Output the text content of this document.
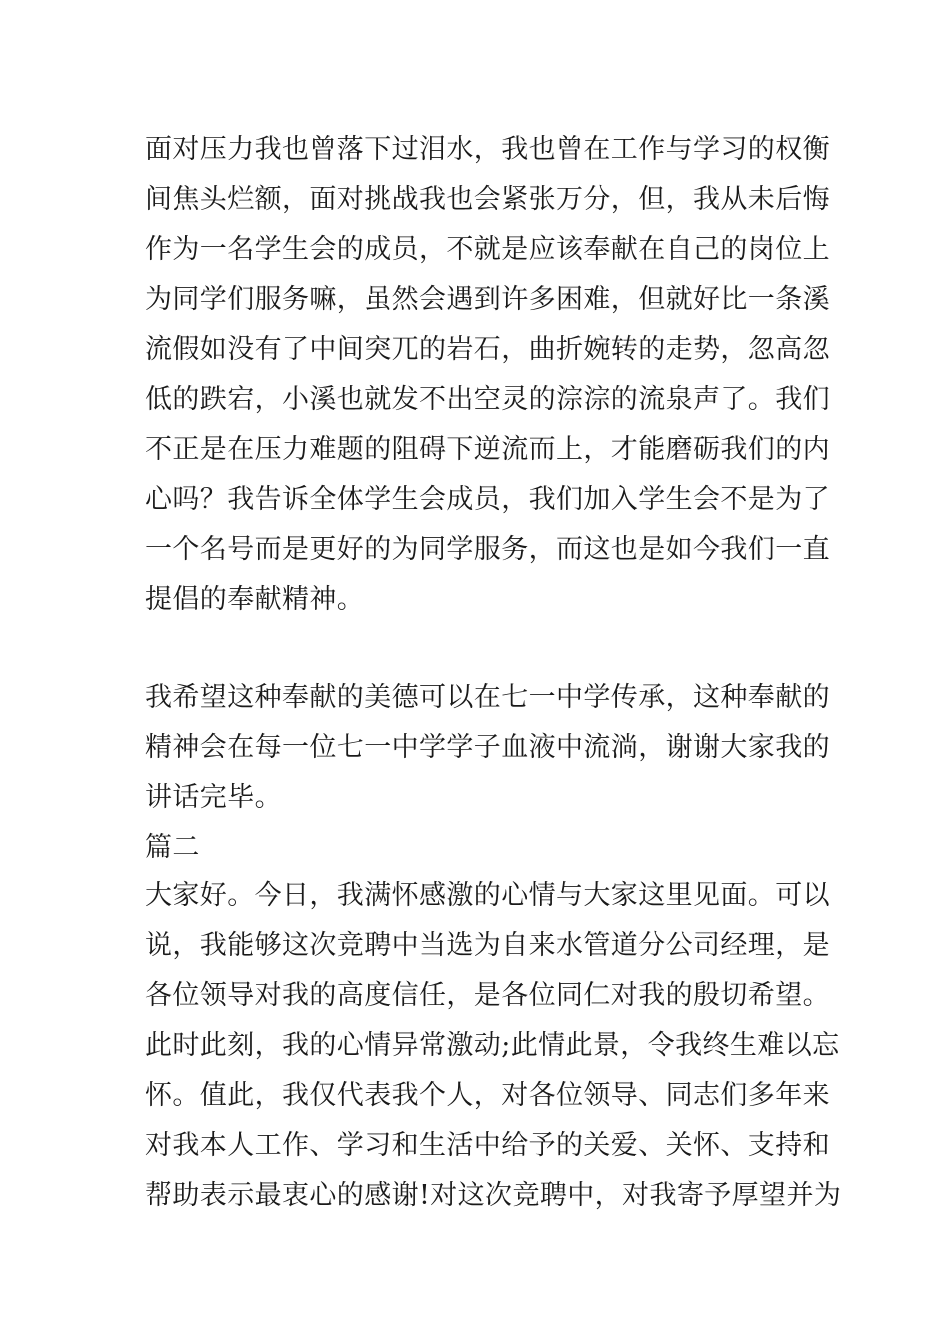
面对压力我也曾落下过泪水，我也曾在工作与学习的权衡
间焦头烂额，面对挑战我也会紧张万分，但，我从未后悔
作为一名学生会的成员，不就是应该奉献在自己的岗位上
为同学们服务嘛，虽然会遇到许多困难，但就好比一条溪
流假如没有了中间突兀的岩石，曲折婉转的走势，忽高忽
低的跌宕，小溪也就发不出空灵的淙淙的流泉声了。我们
不正是在压力难题的阻碍下逆流而上，才能磨砺我们的内
心吗？我告诉全体学生会成员，我们加入学生会不是为了
一个名号而是更好的为同学服务，而这也是如今我们一直
提倡的奉献精神。
我希望这种奉献的美德可以在七一中学传承，这种奉献的
精神会在每一位七一中学学子血液中流淌，谢谢大家我的
讲话完毕。
篇二
大家好。今日，我满怀感激的心情与大家这里见面。可以
说，我能够这次竞聘中当选为自来水管道分公司经理，是
各位领导对我的高度信任，是各位同仁对我的殷切希望。
此时此刻，我的心情异常激动;此情此景，令我终生难以忘
怀。值此，我仅代表我个人，对各位领导、同志们多年来
对我本人工作、学习和生活中给予的关爱、关怀、支持和
帮助表示最衷心的感谢!对这次竞聘中，对我寄予厚望并为
